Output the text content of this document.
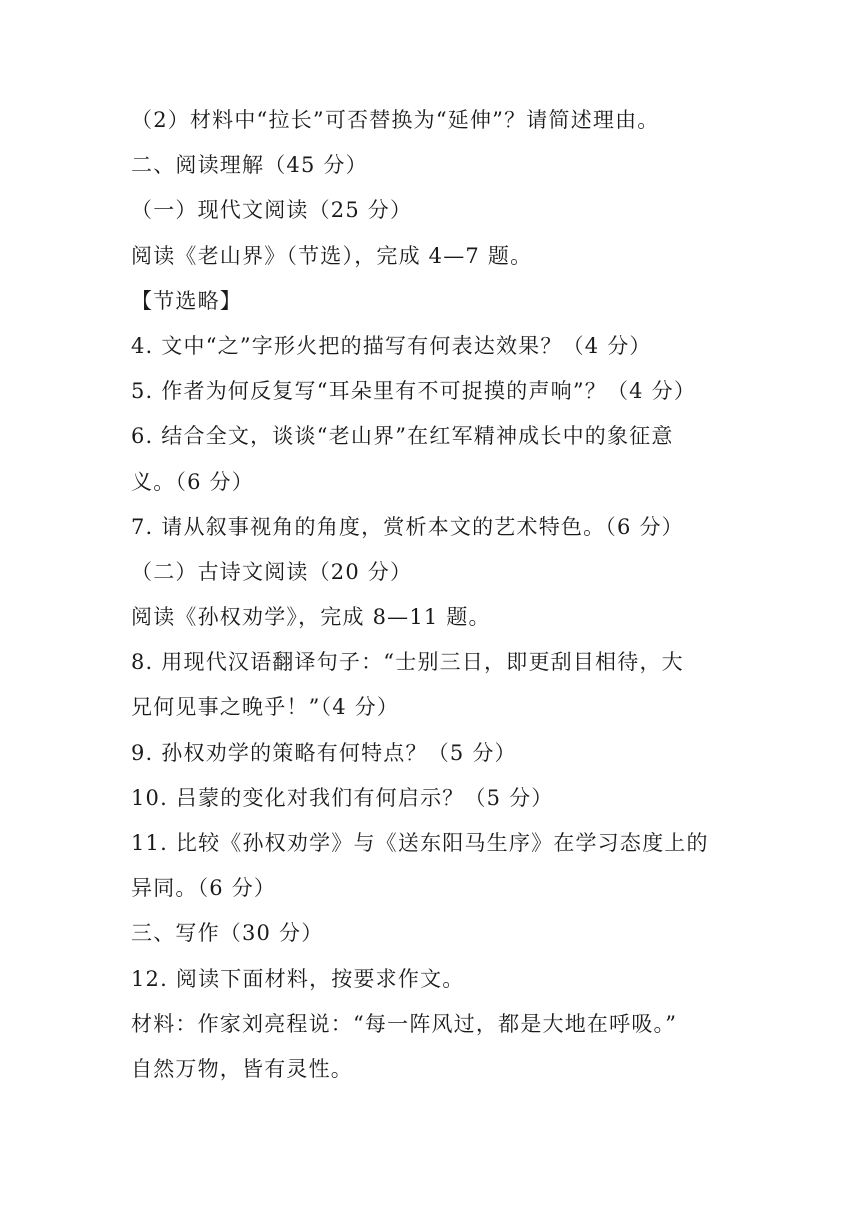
（2）材料中“拉长”可否替换为“延伸”？请简述理由。
二、阅读理解（45 分）
（一）现代文阅读（25 分）
阅读《老山界》（节选），完成 4—7 题。
【节选略】
4. 文中“之”字形火把的描写有何表达效果？（4 分）
5. 作者为何反复写“耳朵里有不可捉摸的声响”？（4 分）
6. 结合全文，谈谈“老山界”在红军精神成长中的象征意
义。（6 分）
7. 请从叙事视角的角度，赏析本文的艺术特色。（6 分）
（二）古诗文阅读（20 分）
阅读《孙权劝学》，完成 8—11 题。
8. 用现代汉语翻译句子：“士别三日，即更刮目相待，大
兄何见事之晚乎！”（4 分）
9. 孙权劝学的策略有何特点？（5 分）
10. 吕蒙的变化对我们有何启示？（5 分）
11. 比较《孙权劝学》与《送东阳马生序》在学习态度上的
异同。（6 分）
三、写作（30 分）
12. 阅读下面材料，按要求作文。
材料：作家刘亮程说：“每一阵风过，都是大地在呼吸。”
自然万物，皆有灵性。
